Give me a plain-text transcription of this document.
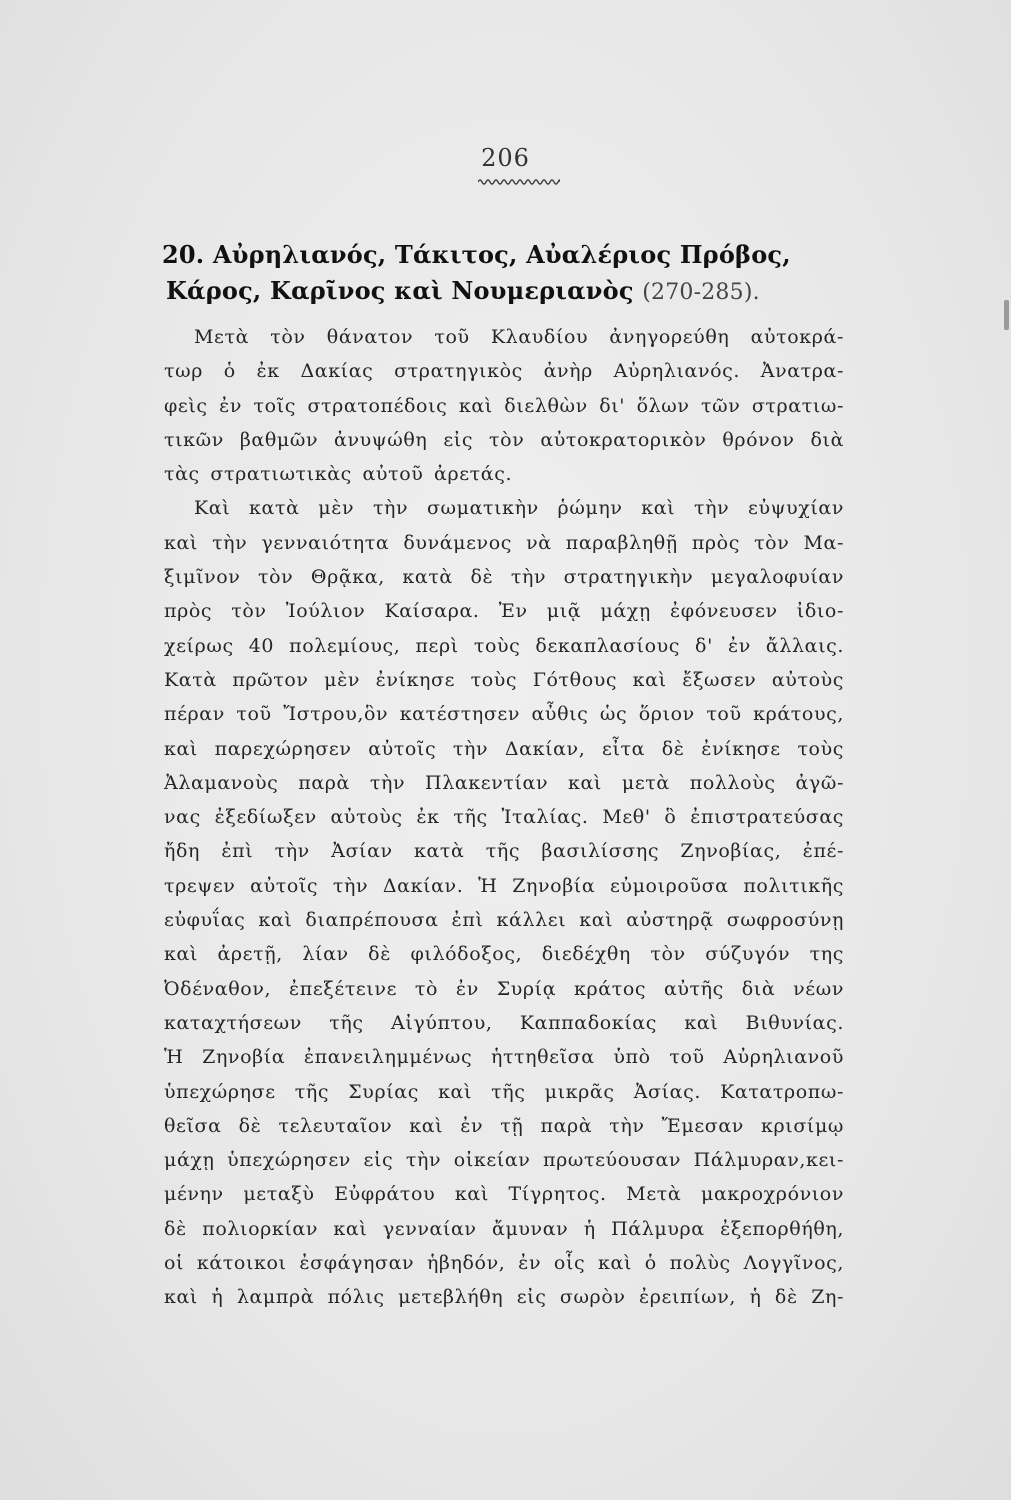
206
20. Αὐρηλιανός, Τάκιτος, Αὐαλέριος Πρόβος,
Κάρος, Καρῖνος καὶ Νουμεριανὸς (270-285).
Μετὰ τὸν θάνατον τοῦ Κλαυδίου ἀνηγορεύθη αὐτοκρά-
τωρ ὁ ἐκ Δακίας στρατηγικὸς ἀνὴρ Αὐρηλιανός. Ἀνατρα-
φεὶς ἐν τοῖς στρατοπέδοις καὶ διελθὼν δι' ὅλων τῶν στρατιω-
τικῶν βαθμῶν ἀνυψώθη εἰς τὸν αὐτοκρατορικὸν θρόνον διὰ
τὰς στρατιωτικὰς αὐτοῦ ἀρετάς.
Καὶ κατὰ μὲν τὴν σωματικὴν ῥώμην καὶ τὴν εὐψυχίαν
καὶ τὴν γενναιότητα δυνάμενος νὰ παραβληθῇ πρὸς τὸν Μα-
ξιμῖνον τὸν Θρᾷκα, κατὰ δὲ τὴν στρατηγικὴν μεγαλοφυίαν
πρὸς τὸν Ἰούλιον Καίσαρα. Ἐν μιᾷ μάχῃ ἐφόνευσεν ἰδιο-
χείρως 40 πολεμίους, περὶ τοὺς δεκαπλασίους δ' ἐν ἄλλαις.
Κατὰ πρῶτον μὲν ἐνίκησε τοὺς Γότθους καὶ ἔξωσεν αὐτοὺς
πέραν τοῦ Ἴστρου,ὃν κατέστησεν αὖθις ὡς ὅριον τοῦ κράτους,
καὶ παρεχώρησεν αὐτοῖς τὴν Δακίαν, εἶτα δὲ ἐνίκησε τοὺς
Ἀλαμανοὺς παρὰ τὴν Πλακεντίαν καὶ μετὰ πολλοὺς ἀγῶ-
νας ἐξεδίωξεν αὐτοὺς ἐκ τῆς Ἰταλίας. Μεθ' ὃ ἐπιστρατεύσας
ἤδη ἐπὶ τὴν Ἀσίαν κατὰ τῆς βασιλίσσης Ζηνοβίας, ἐπέ-
τρεψεν αὐτοῖς τὴν Δακίαν. Ἡ Ζηνοβία εὐμοιροῦσα πολιτικῆς
εὐφυΐας καὶ διαπρέπουσα ἐπὶ κάλλει καὶ αὐστηρᾷ σωφροσύνῃ
καὶ ἀρετῇ, λίαν δὲ φιλόδοξος, διεδέχθη τὸν σύζυγόν της
Ὀδέναθον, ἐπεξέτεινε τὸ ἐν Συρίᾳ κράτος αὐτῆς διὰ νέων
καταχτήσεων τῆς Αἰγύπτου, Καππαδοκίας καὶ Βιθυνίας.
Ἡ Ζηνοβία ἐπανειλημμένως ἡττηθεῖσα ὑπὸ τοῦ Αὐρηλιανοῦ
ὑπεχώρησε τῆς Συρίας καὶ τῆς μικρᾶς Ἀσίας. Κατατροπω-
θεῖσα δὲ τελευταῖον καὶ ἐν τῇ παρὰ τὴν Ἔμεσαν κρισίμῳ
μάχῃ ὑπεχώρησεν εἰς τὴν οἰκείαν πρωτεύουσαν Πάλμυραν,κει-
μένην μεταξὺ Εὐφράτου καὶ Τίγρητος. Μετὰ μακροχρόνιον
δὲ πολιορκίαν καὶ γενναίαν ἄμυναν ἡ Πάλμυρα ἐξεπορθήθη,
οἱ κάτοικοι ἐσφάγησαν ἡβηδόν, ἐν οἷς καὶ ὁ πολὺς Λογγῖνος,
καὶ ἡ λαμπρὰ πόλις μετεβλήθη εἰς σωρὸν ἐρειπίων, ἡ δὲ Ζη-
